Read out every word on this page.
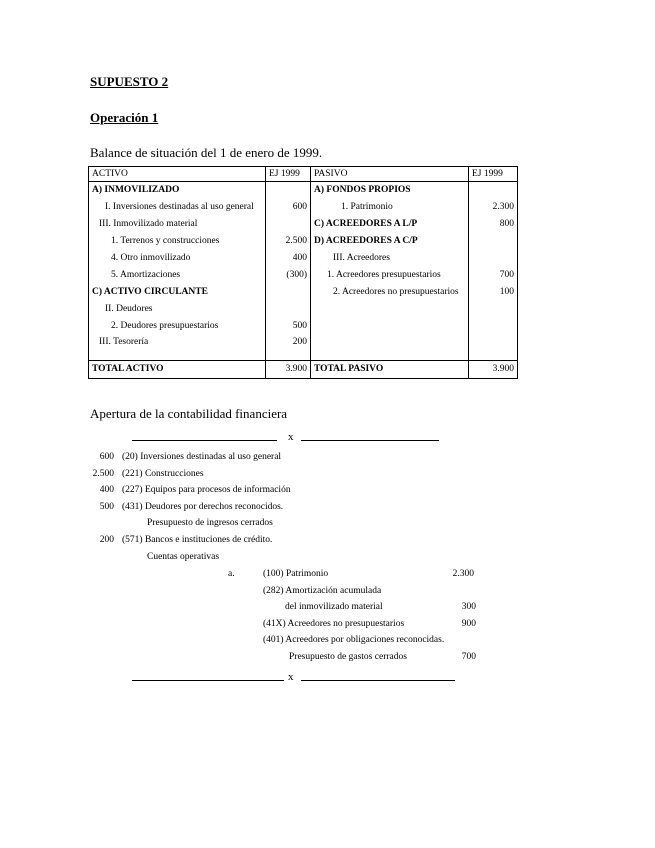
SUPUESTO 2
Operación 1
Balance de situación del 1 de enero de 1999.
ACTIVO	EJ 1999	PASIVO	EJ 1999
A) INMOVILIZADO		A) FONDOS PROPIOS	
I. Inversiones destinadas al uso general	600	1. Patrimonio	2.300
III. Inmovilizado material		C) ACREEDORES A L/P	800
1. Terrenos y construcciones	2.500	D) ACREEDORES A C/P	
4. Otro inmovilizado	400	III. Acreedores	
5. Amortizaciones	(300)	1. Acreedores presupuestarios	700
C) ACTIVO CIRCULANTE		2. Acreedores no presupuestarios	100
II. Deudores			
2. Deudores presupuestarios	500		
III. Tesorería	200		

TOTAL ACTIVO	3.900	TOTAL PASIVO	3.900
Apertura de la contabilidad financiera
x
600 (20) Inversiones destinadas al uso general
2.500 (221) Construcciones
400 (227) Equipos para procesos de información
500 (431) Deudores por derechos reconocidos.
Presupuesto de ingresos cerrados
200 (571) Bancos e instituciones de crédito.
Cuentas operativas
a.	(100) Patrimonio	2.300
(282) Amortización acumulada
del inmovilizado material	300
(41X) Acreedores no presupuestarios	900
(401) Acreedores por obligaciones reconocidas.
Presupuesto de gastos cerrados	700
x
